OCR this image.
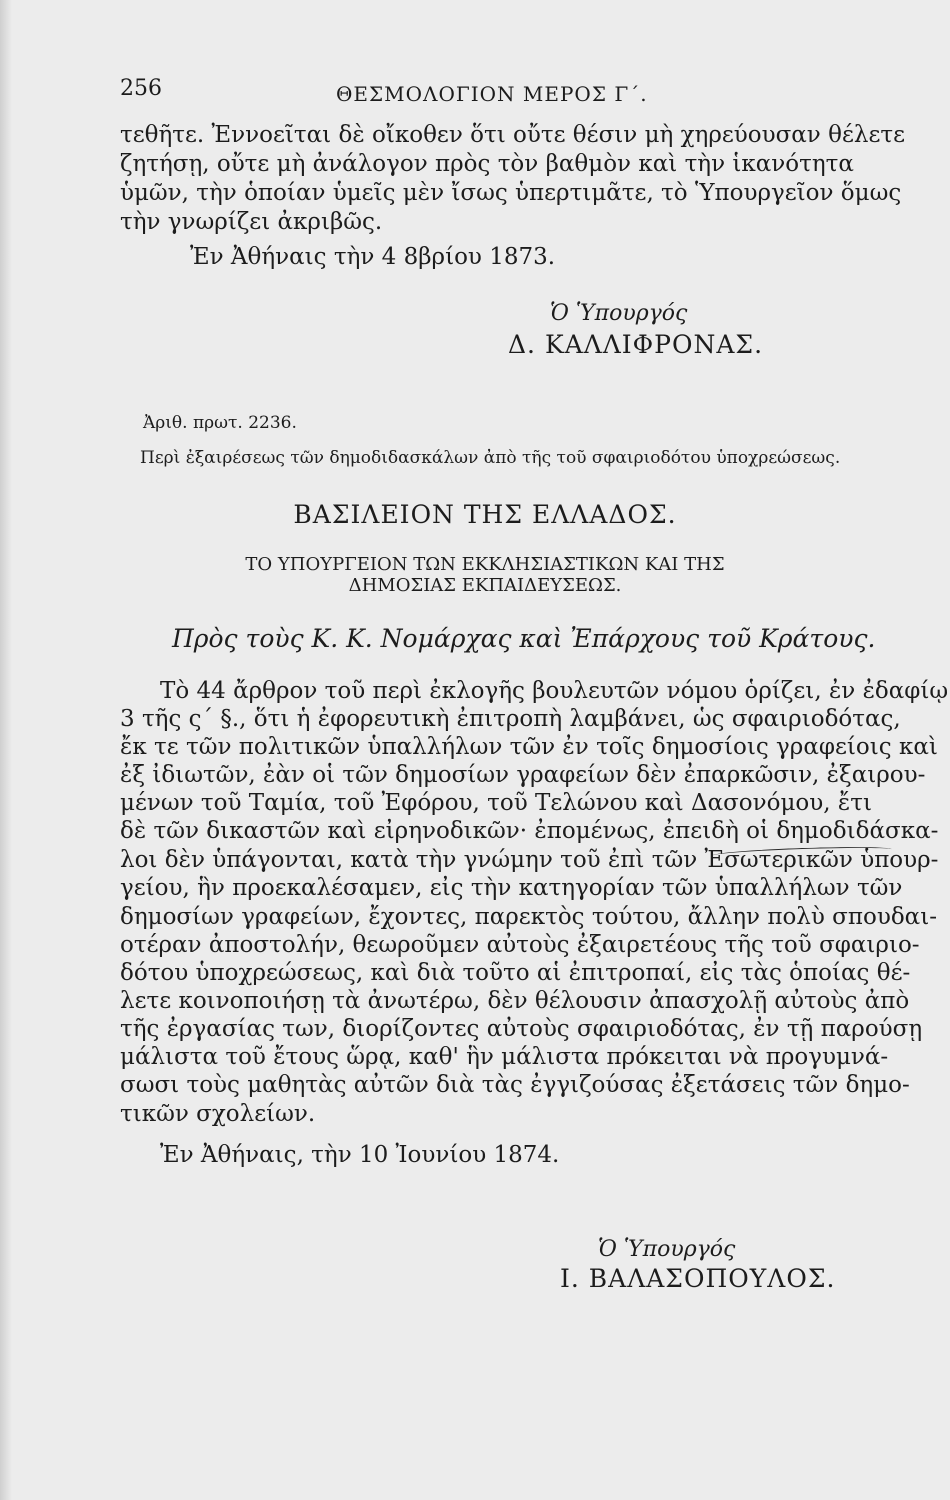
256	ΘΕΣΜΟΛΟΓΙΟΝ ΜΕΡΟΣ Γ΄.
τεθῆτε. Ἐννοεῖται δὲ οἴκοθεν ὅτι οὔτε θέσιν μὴ χηρεύουσαν θέλετε
ζητήσῃ, οὔτε μὴ ἀνάλογον πρὸς τὸν βαθμὸν καὶ τὴν ἱκανότητα
ὑμῶν, τὴν ὁποίαν ὑμεῖς μὲν ἴσως ὑπερτιμᾶτε, τὸ Ὑπουργεῖον ὅμως
τὴν γνωρίζει ἀκριβῶς.
Ἐν Ἀθήναις τὴν 4 8βρίου 1873.
Ὁ Ὑπουργός
Δ. ΚΑΛΛΙΦΡΟΝΑΣ.
Ἀριθ. πρωτ. 2236.
Περὶ ἐξαιρέσεως τῶν δημοδιδασκάλων ἀπὸ τῆς τοῦ σφαιριοδότου ὑποχρεώσεως.
ΒΑΣΙΛΕΙΟΝ ΤΗΣ ΕΛΛΑΔΟΣ.
ΤΟ ΥΠΟΥΡΓΕΙΟΝ ΤΩΝ ΕΚΚΛΗΣΙΑΣΤΙΚΩΝ ΚΑΙ ΤΗΣ
ΔΗΜΟΣΙΑΣ ΕΚΠΑΙΔΕΥΣΕΩΣ.
Πρὸς τοὺς Κ. Κ. Νομάρχας καὶ Ἐπάρχους τοῦ Κράτους.
Τὸ 44 ἄρθρον τοῦ περὶ ἐκλογῆς βουλευτῶν νόμου ὁρίζει, ἐν ἐδαφίῳ
3 τῆς ς΄ §., ὅτι ἡ ἐφορευτικὴ ἐπιτροπὴ λαμβάνει, ὡς σφαιριοδότας,
ἔκ τε τῶν πολιτικῶν ὑπαλλήλων τῶν ἐν τοῖς δημοσίοις γραφείοις καὶ
ἐξ ἰδιωτῶν, ἐὰν οἱ τῶν δημοσίων γραφείων δὲν ἐπαρκῶσιν, ἐξαιρου-
μένων τοῦ Ταμία, τοῦ Ἐφόρου, τοῦ Τελώνου καὶ Δασονόμου, ἔτι
δὲ τῶν δικαστῶν καὶ εἰρηνοδικῶν· ἐπομένως, ἐπειδὴ οἱ δημοδιδάσκα-
λοι δὲν ὑπάγονται, κατὰ τὴν γνώμην τοῦ ἐπὶ τῶν Ἐσωτερικῶν ὑπουρ-
γείου, ἣν προεκαλέσαμεν, εἰς τὴν κατηγορίαν τῶν ὑπαλλήλων τῶν
δημοσίων γραφείων, ἔχοντες, παρεκτὸς τούτου, ἄλλην πολὺ σπουδαι-
οτέραν ἀποστολήν, θεωροῦμεν αὐτοὺς ἐξαιρετέους τῆς τοῦ σφαιριο-
δότου ὑποχρεώσεως, καὶ διὰ τοῦτο αἱ ἐπιτροπαί, εἰς τὰς ὁποίας θέ-
λετε κοινοποιήσῃ τὰ ἀνωτέρω, δὲν θέλουσιν ἀπασχολῇ αὐτοὺς ἀπὸ
τῆς ἐργασίας των, διορίζοντες αὐτοὺς σφαιριοδότας, ἐν τῇ παρούσῃ
μάλιστα τοῦ ἔτους ὥρᾳ, καθ' ἣν μάλιστα πρόκειται νὰ προγυμνά-
σωσι τοὺς μαθητὰς αὐτῶν διὰ τὰς ἐγγιζούσας ἐξετάσεις τῶν δημο-
τικῶν σχολείων.
Ἐν Ἀθήναις, τὴν 10 Ἰουνίου 1874.
Ὁ Ὑπουργός
Ι. ΒΑΛΑΣΟΠΟΥΛΟΣ.
